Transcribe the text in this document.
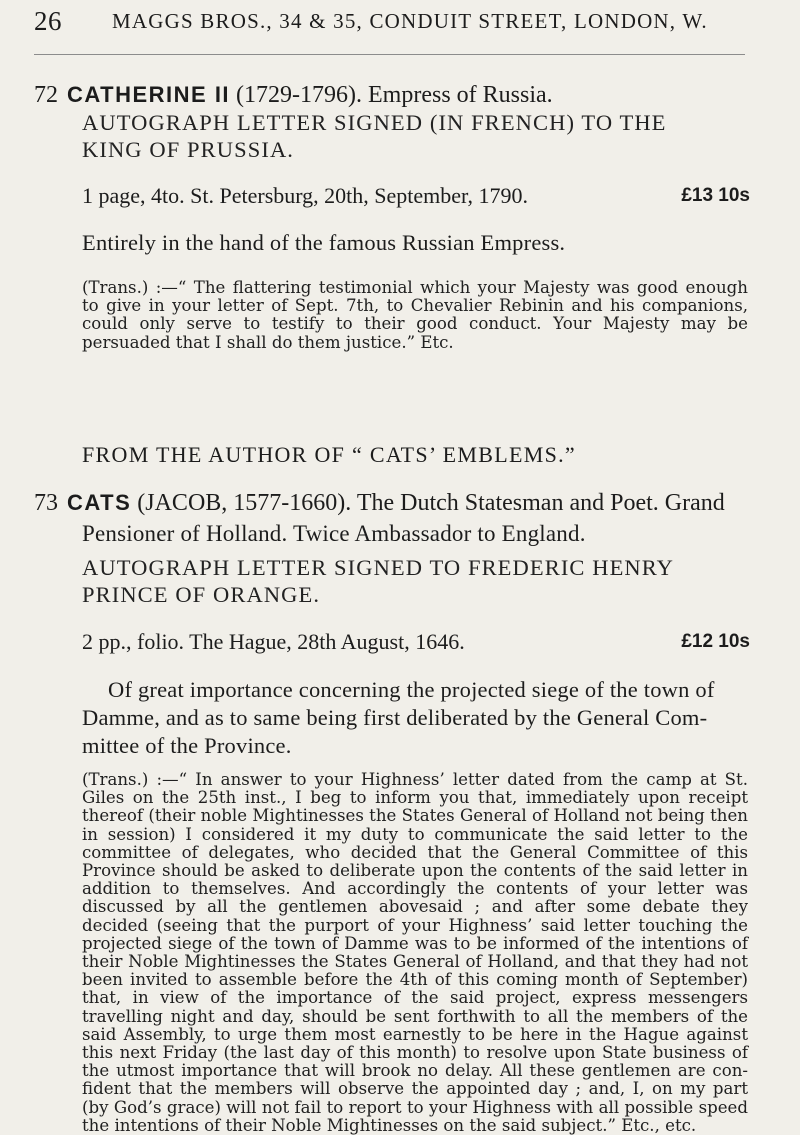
26 MAGGS BROS., 34 & 35, CONDUIT STREET, LONDON, W.
72 CATHERINE II (1729-1796). Empress of Russia.
AUTOGRAPH LETTER SIGNED (IN FRENCH) TO THE
KING OF PRUSSIA.
1 page, 4to. St. Petersburg, 20th, September, 1790.	£13 10s
Entirely in the hand of the famous Russian Empress.
(Trans.) :—“ The flattering testimonial which your Majesty was good enough to give in your letter of Sept. 7th, to Chevalier Rebinin and his companions, could only serve to testify to their good conduct. Your Majesty may be persuaded that I shall do them justice.” Etc.
FROM THE AUTHOR OF “ CATS’ EMBLEMS.”
73 CATS (JACOB, 1577-1660). The Dutch Statesman and Poet. Grand
Pensioner of Holland. Twice Ambassador to England.
AUTOGRAPH LETTER SIGNED TO FREDERIC HENRY
PRINCE OF ORANGE.
2 pp., folio. The Hague, 28th August, 1646.	£12 10s
Of great importance concerning the projected siege of the town of
Damme, and as to same being first deliberated by the General Com-
mittee of the Province.
(Trans.) :—“ In answer to your Highness’ letter dated from the camp at St. Giles on the 25th inst., I beg to inform you that, immediately upon receipt thereof (their noble Mightinesses the States General of Holland not being then in session) I considered it my duty to communicate the said letter to the committee of delegates, who decided that the General Committee of this Province should be asked to deliberate upon the contents of the said letter in addition to themselves. And accordingly the contents of your letter was discussed by all the gentlemen abovesaid ; and after some debate they decided (seeing that the purport of your Highness’ said letter touching the projected siege of the town of Damme was to be informed of the intentions of their Noble Mightinesses the States General of Holland, and that they had not been invited to assemble before the 4th of this coming month of September) that, in view of the importance of the said project, express messengers travelling night and day, should be sent forthwith to all the members of the said Assembly, to urge them most earnestly to be here in the Hague against this next Friday (the last day of this month) to resolve upon State business of the utmost importance that will brook no delay. All these gentlemen are con- fident that the members will observe the appointed day ; and, I, on my part (by God’s grace) will not fail to report to your Highness with all possible speed the intentions of their Noble Mightinesses on the said subject.” Etc., etc.
